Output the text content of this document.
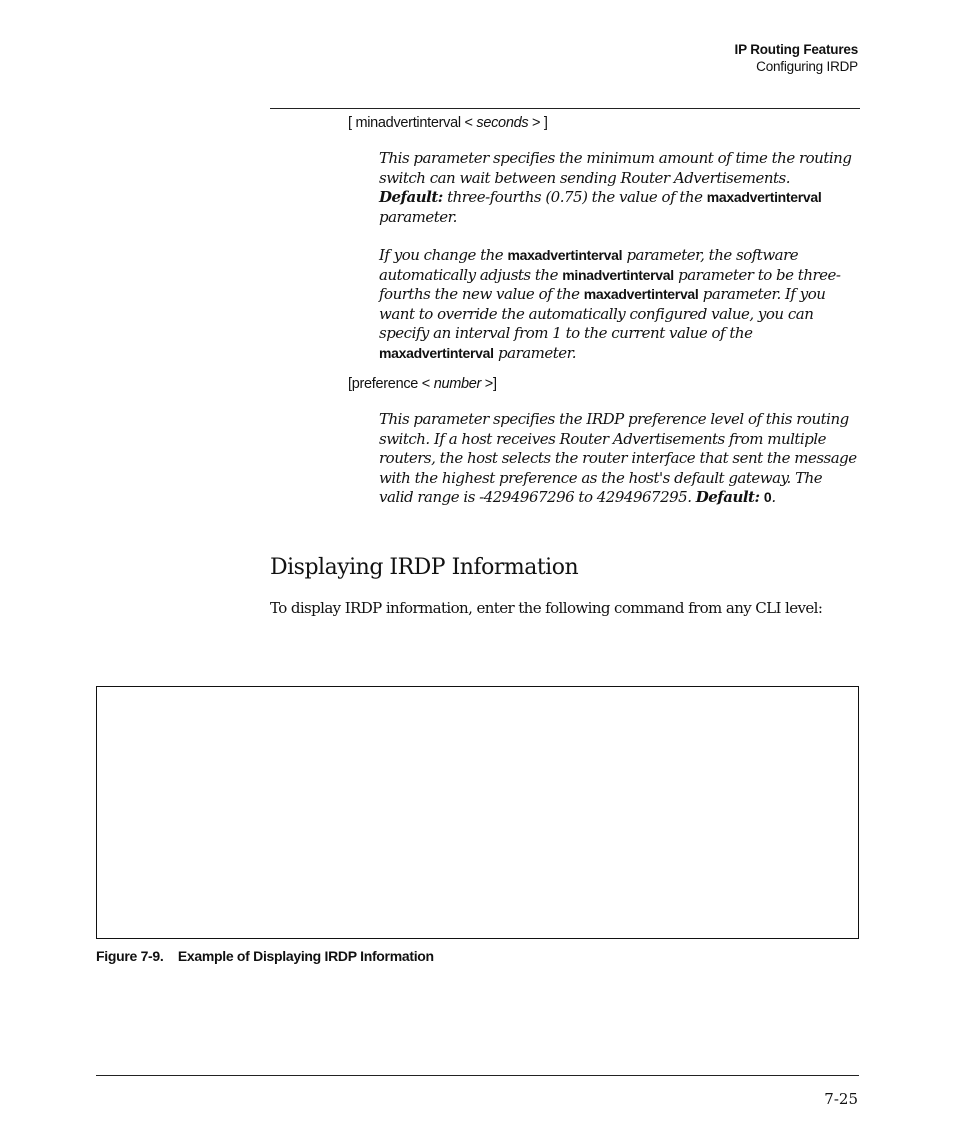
IP Routing Features
Configuring IRDP
[ minadvertinterval < seconds > ]
This parameter specifies the minimum amount of time the routing switch can wait between sending Router Advertisements. Default: three-fourths (0.75) the value of the maxadvertinterval parameter.
If you change the maxadvertinterval parameter, the software automatically adjusts the minadvertinterval parameter to be three-fourths the new value of the maxadvertinterval parameter. If you want to override the automatically configured value, you can specify an interval from 1 to the current value of the maxadvertinterval parameter.
[preference < number >]
This parameter specifies the IRDP preference level of this routing switch. If a host receives Router Advertisements from multiple routers, the host selects the router interface that sent the message with the highest preference as the host's default gateway. The valid range is -4294967296 to 4294967295. Default: 0.
Displaying IRDP Information
To display IRDP information, enter the following command from any CLI level:
Figure 7-9.    Example of Displaying IRDP Information
7-25
